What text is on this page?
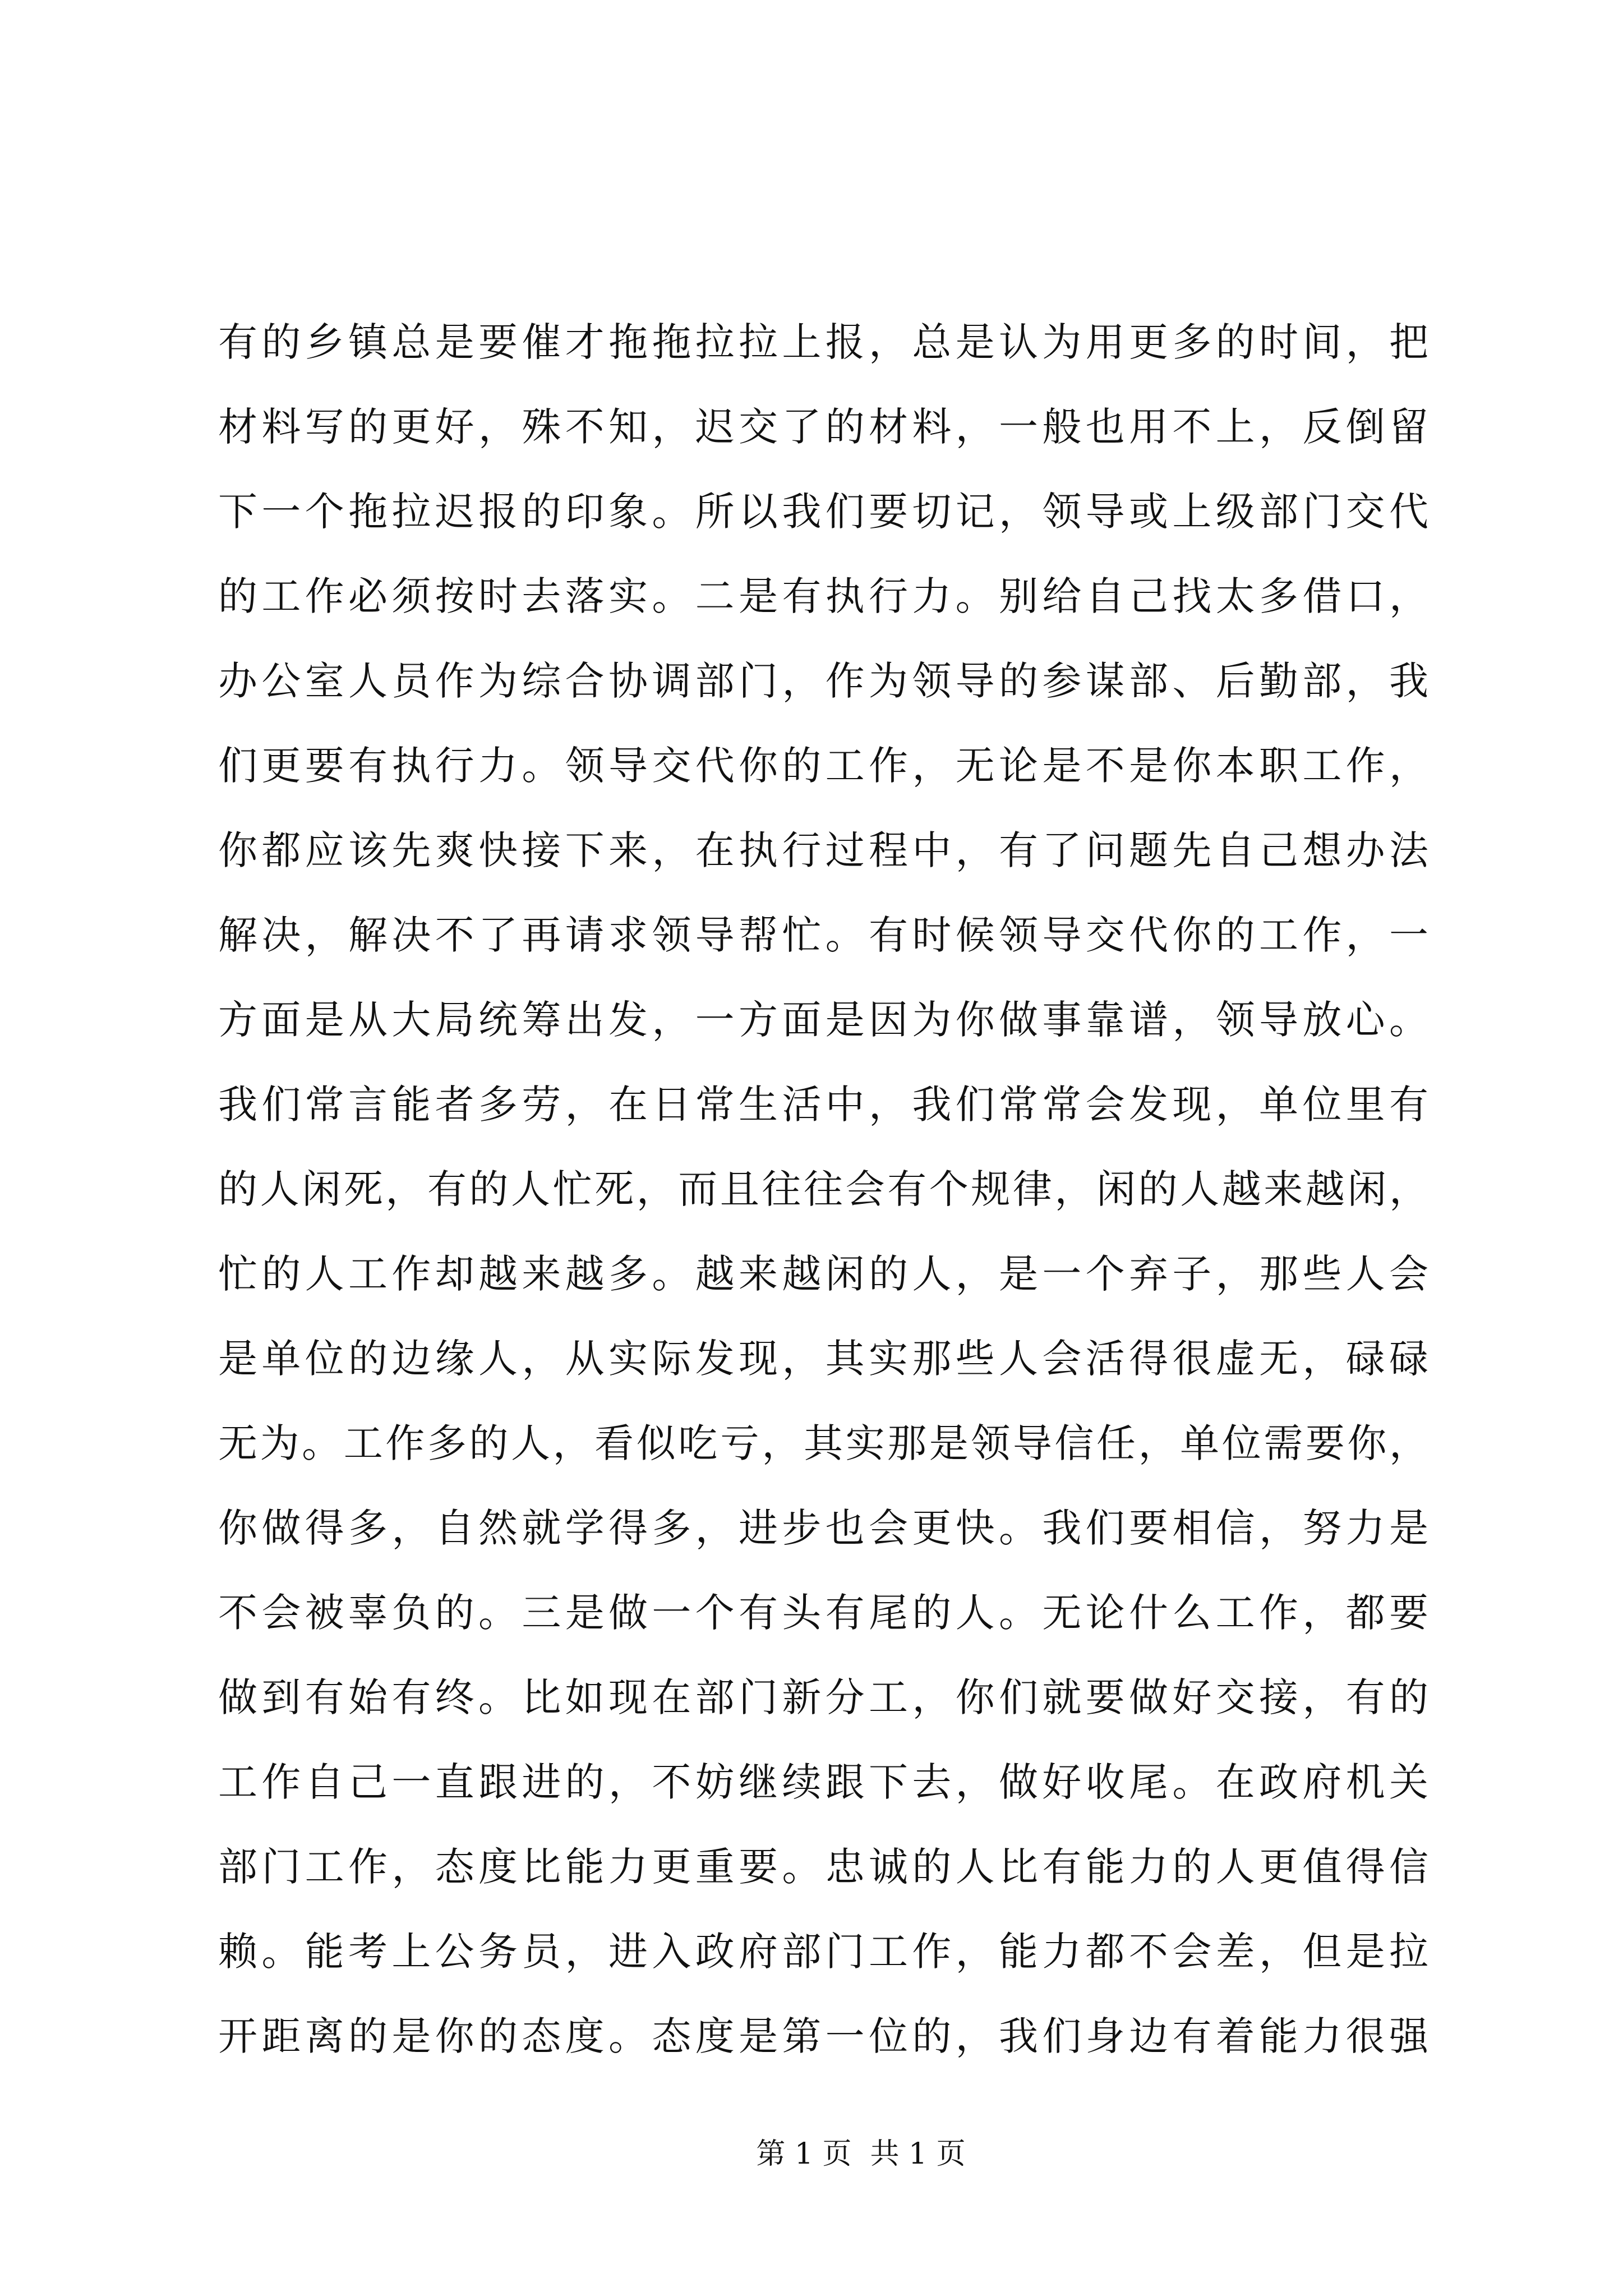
有的乡镇总是要催才拖拖拉拉上报，总是认为用更多的时间，把
材料写的更好，殊不知，迟交了的材料，一般也用不上，反倒留
下一个拖拉迟报的印象。所以我们要切记，领导或上级部门交代
的工作必须按时去落实。二是有执行力。别给自己找太多借口，
办公室人员作为综合协调部门，作为领导的参谋部、后勤部，我
们更要有执行力。领导交代你的工作，无论是不是你本职工作，
你都应该先爽快接下来，在执行过程中，有了问题先自己想办法
解决，解决不了再请求领导帮忙。有时候领导交代你的工作，一
方面是从大局统筹出发，一方面是因为你做事靠谱，领导放心。
我们常言能者多劳，在日常生活中，我们常常会发现，单位里有
的人闲死，有的人忙死，而且往往会有个规律，闲的人越来越闲，
忙的人工作却越来越多。越来越闲的人，是一个弃子，那些人会
是单位的边缘人，从实际发现，其实那些人会活得很虚无，碌碌
无为。工作多的人，看似吃亏，其实那是领导信任，单位需要你，
你做得多，自然就学得多，进步也会更快。我们要相信，努力是
不会被辜负的。三是做一个有头有尾的人。无论什么工作，都要
做到有始有终。比如现在部门新分工，你们就要做好交接，有的
工作自己一直跟进的，不妨继续跟下去，做好收尾。在政府机关
部门工作，态度比能力更重要。忠诚的人比有能力的人更值得信
赖。能考上公务员，进入政府部门工作，能力都不会差，但是拉
开距离的是你的态度。态度是第一位的，我们身边有着能力很强
第 1 页  共 1 页
